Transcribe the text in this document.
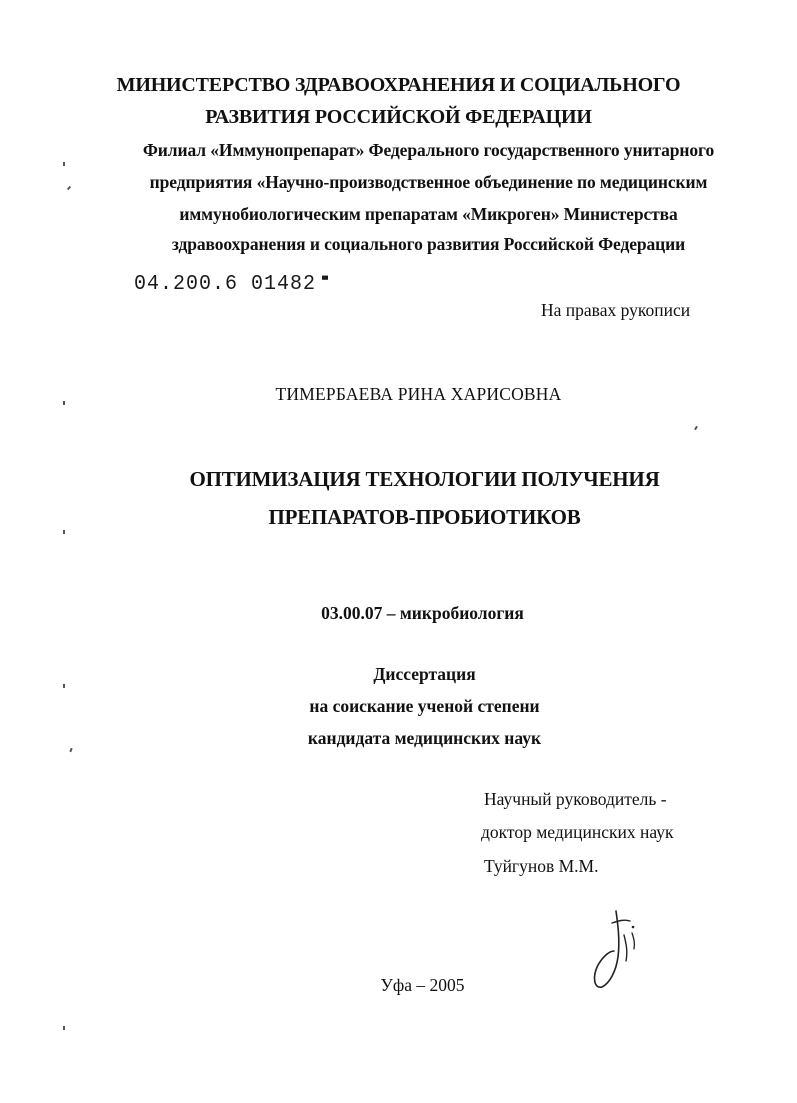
МИНИСТЕРСТВО ЗДРАВООХРАНЕНИЯ И СОЦИАЛЬНОГО
РАЗВИТИЯ РОССИЙСКОЙ ФЕДЕРАЦИИ
Филиал «Иммунопрепарат» Федерального государственного унитарного
предприятия «Научно-производственное объединение по медицинским
иммунобиологическим препаратам «Микроген» Министерства
здравоохранения и социального развития Российской Федерации
04.200.6 01482
На правах рукописи
ТИМЕРБАЕВА РИНА ХАРИСОВНА
ОПТИМИЗАЦИЯ ТЕХНОЛОГИИ ПОЛУЧЕНИЯ
ПРЕПАРАТОВ-ПРОБИОТИКОВ
03.00.07 – микробиология
Диссертация
на соискание ученой степени
кандидата медицинских наук
Научный руководитель -
доктор медицинских наук
Туйгунов М.М.
Уфа – 2005
